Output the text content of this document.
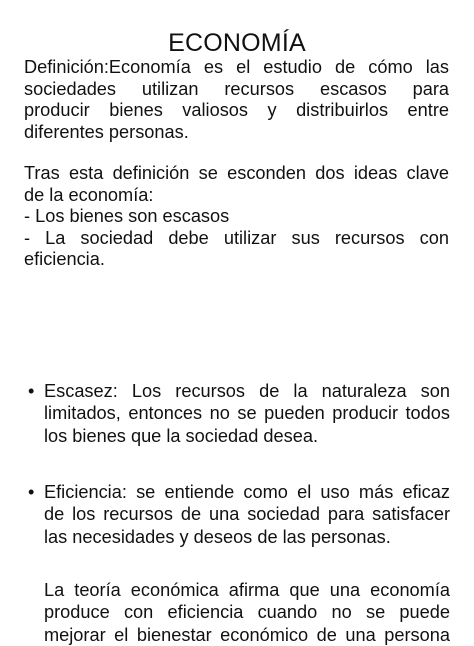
ECONOMÍA
Definición:Economía es el estudio de cómo las
sociedades utilizan recursos escasos para
producir bienes valiosos y distribuirlos entre
diferentes personas.
Tras esta definición se esconden dos ideas clave
de la economía:
- Los bienes son escasos
- La sociedad debe utilizar sus recursos con
eficiencia.
• Escasez: Los recursos de la naturaleza son
limitados, entonces no se pueden producir todos
los bienes que la sociedad desea.
• Eficiencia: se entiende como el uso más eficaz
de los recursos de una sociedad para satisfacer
las necesidades y deseos de las personas.
La teoría económica afirma que una economía
produce con eficiencia cuando no se puede
mejorar el bienestar económico de una persona
